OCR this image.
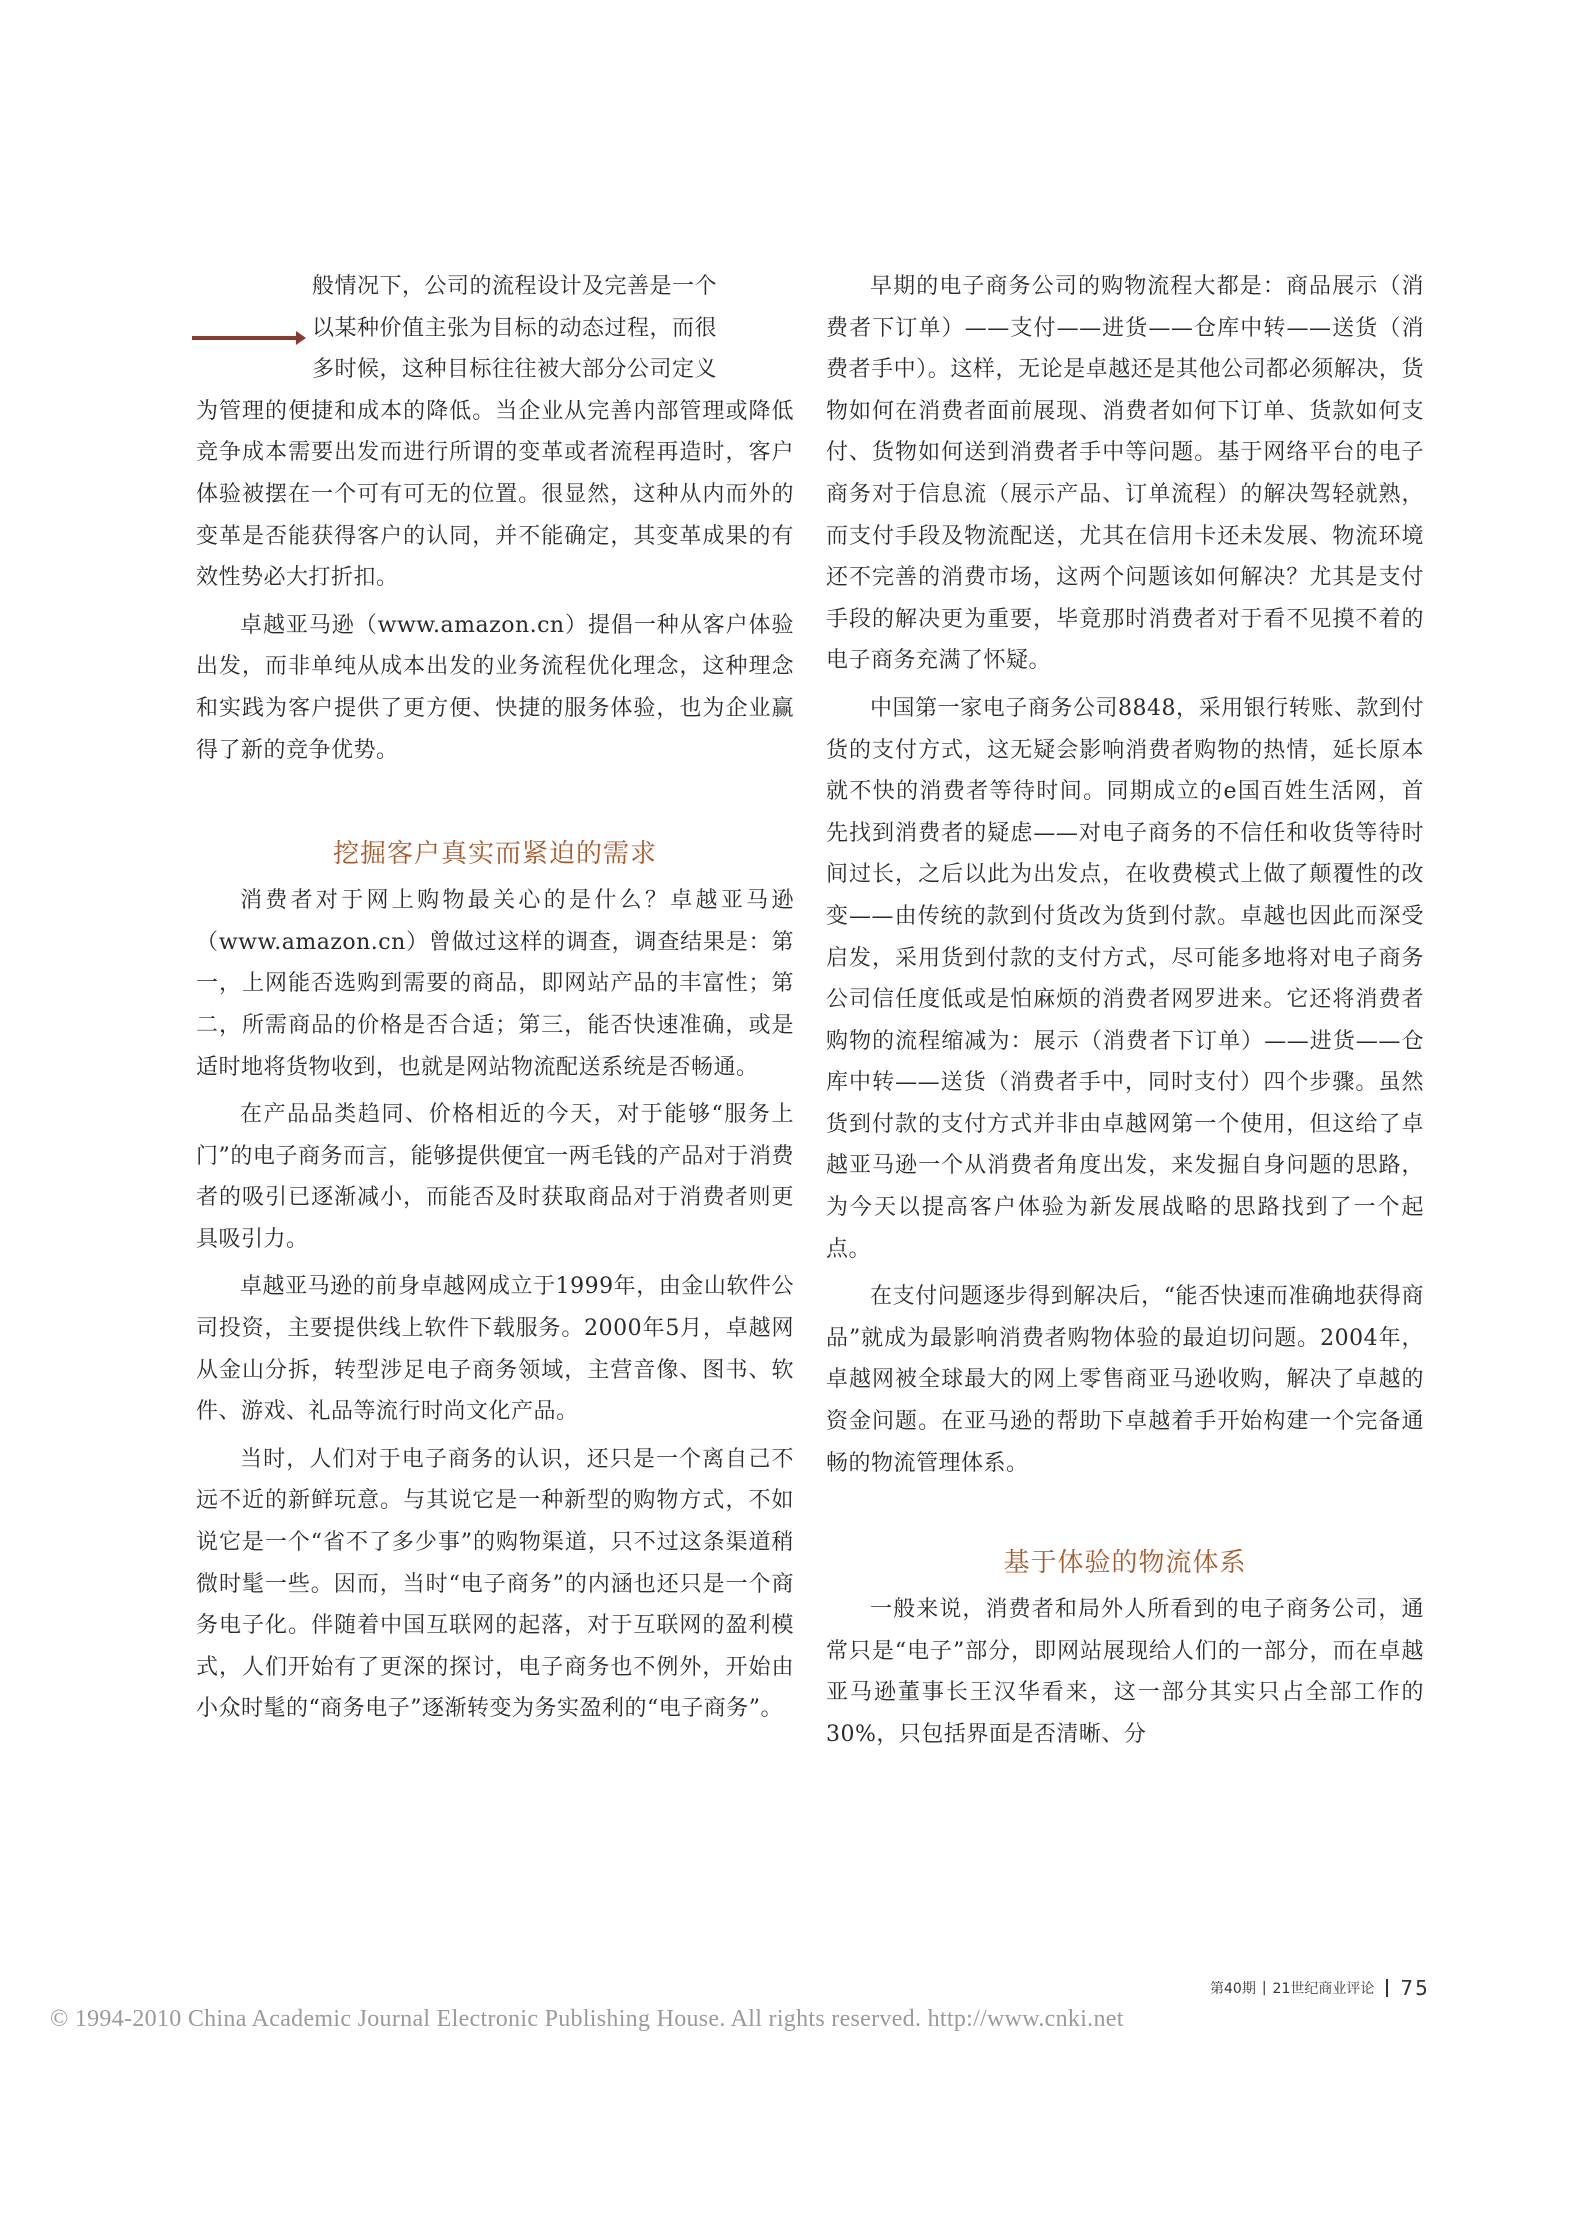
般情况下，公司的流程设计及完善是一个
以某种价值主张为目标的动态过程，而很
多时候，这种目标往往被大部分公司定义

为管理的便捷和成本的降低。当企业从完善内部管理或降低竞争成本需要出发而进行所谓的变革或者流程再造时，客户体验被摆在一个可有可无的位置。很显然，这种从内而外的变革是否能获得客户的认同，并不能确定，其变革成果的有效性势必大打折扣。

卓越亚马逊（www.amazon.cn）提倡一种从客户体验出发，而非单纯从成本出发的业务流程优化理念，这种理念和实践为客户提供了更方便、快捷的服务体验，也为企业赢得了新的竞争优势。

挖掘客户真实而紧迫的需求

消费者对于网上购物最关心的是什么？卓越亚马逊（www.amazon.cn）曾做过这样的调查，调查结果是：第一，上网能否选购到需要的商品，即网站产品的丰富性；第二，所需商品的价格是否合适；第三，能否快速准确，或是适时地将货物收到，也就是网站物流配送系统是否畅通。

在产品品类趋同、价格相近的今天，对于能够“服务上门”的电子商务而言，能够提供便宜一两毛钱的产品对于消费者的吸引已逐渐减小，而能否及时获取商品对于消费者则更具吸引力。

卓越亚马逊的前身卓越网成立于1999年，由金山软件公司投资，主要提供线上软件下载服务。2000年5月，卓越网从金山分拆，转型涉足电子商务领域，主营音像、图书、软件、游戏、礼品等流行时尚文化产品。

当时，人们对于电子商务的认识，还只是一个离自己不远不近的新鲜玩意。与其说它是一种新型的购物方式，不如说它是一个“省不了多少事”的购物渠道，只不过这条渠道稍微时髦一些。因而，当时“电子商务”的内涵也还只是一个商务电子化。伴随着中国互联网的起落，对于互联网的盈利模式，人们开始有了更深的探讨，电子商务也不例外，开始由小众时髦的“商务电子”逐渐转变为务实盈利的“电子商务”。

早期的电子商务公司的购物流程大都是：商品展示（消费者下订单）——支付——进货——仓库中转——送货（消费者手中）。这样，无论是卓越还是其他公司都必须解决，货物如何在消费者面前展现、消费者如何下订单、货款如何支付、货物如何送到消费者手中等问题。基于网络平台的电子商务对于信息流（展示产品、订单流程）的解决驾轻就熟，而支付手段及物流配送，尤其在信用卡还未发展、物流环境还不完善的消费市场，这两个问题该如何解决？尤其是支付手段的解决更为重要，毕竟那时消费者对于看不见摸不着的电子商务充满了怀疑。

中国第一家电子商务公司8848，采用银行转账、款到付货的支付方式，这无疑会影响消费者购物的热情，延长原本就不快的消费者等待时间。同期成立的e国百姓生活网，首先找到消费者的疑虑——对电子商务的不信任和收货等待时间过长，之后以此为出发点，在收费模式上做了颠覆性的改变——由传统的款到付货改为货到付款。卓越也因此而深受启发，采用货到付款的支付方式，尽可能多地将对电子商务公司信任度低或是怕麻烦的消费者网罗进来。它还将消费者购物的流程缩减为：展示（消费者下订单）——进货——仓库中转——送货（消费者手中，同时支付）四个步骤。虽然货到付款的支付方式并非由卓越网第一个使用，但这给了卓越亚马逊一个从消费者角度出发，来发掘自身问题的思路，为今天以提高客户体验为新发展战略的思路找到了一个起点。

在支付问题逐步得到解决后，“能否快速而准确地获得商品”就成为最影响消费者购物体验的最迫切问题。2004年，卓越网被全球最大的网上零售商亚马逊收购，解决了卓越的资金问题。在亚马逊的帮助下卓越着手开始构建一个完备通畅的物流管理体系。

基于体验的物流体系

一般来说，消费者和局外人所看到的电子商务公司，通常只是“电子”部分，即网站展现给人们的一部分，而在卓越亚马逊董事长王汉华看来，这一部分其实只占全部工作的30%，只包括界面是否清晰、分

第40期 | 21世纪商业评论 75
© 1994-2010 China Academic Journal Electronic Publishing House. All rights reserved. http://www.cnki.net
